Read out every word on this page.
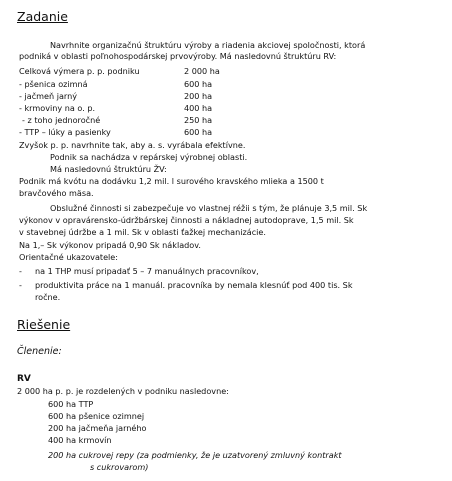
Zadanie
Navrhnite organizačnú štruktúru výroby a riadenia akciovej spoločnosti, ktorá
podniká v oblasti poľnohospodárskej prvovýroby. Má nasledovnú štruktúru RV:
Celková výmera p. p. podniku	2 000 ha
- pšenica ozimná	600 ha
- jačmeň jarný	200 ha
- krmoviny na o. p.	400 ha
- z toho jednoročné	250 ha
- TTP – lúky a pasienky	600 ha
Zvyšok p. p. navrhnite tak, aby a. s. vyrábala efektívne.
Podnik sa nachádza v repárskej výrobnej oblasti.
Má nasledovnú štruktúru ŽV:
Podnik má kvótu na dodávku 1,2 mil. l surového kravského mlieka a 1500 t
bravčového mäsa.
Obslužné činnosti si zabezpečuje vo vlastnej réžii s tým, že plánuje 3,5 mil. Sk
výkonov v opravárensko-údržbárskej činnosti a nákladnej autodoprave, 1,5 mil. Sk
v stavebnej údržbe a 1 mil. Sk v oblasti ťažkej mechanizácie.
Na 1,– Sk výkonov pripadá 0,90 Sk nákladov.
Orientačné ukazovatele:
- na 1 THP musí pripadať 5 – 7 manuálnych pracovníkov,
- produktivita práce na 1 manuál. pracovníka by nemala klesnúť pod 400 tis. Sk
ročne.
Riešenie
Členenie:
RV
2 000 ha p. p. je rozdelených v podniku nasledovne:
600 ha TTP
600 ha pšenice ozimnej
200 ha jačmeňa jarného
400 ha krmovín
200 ha cukrovej repy (za podmienky, že je uzatvorený zmluvný kontrakt
s cukrovarom)
